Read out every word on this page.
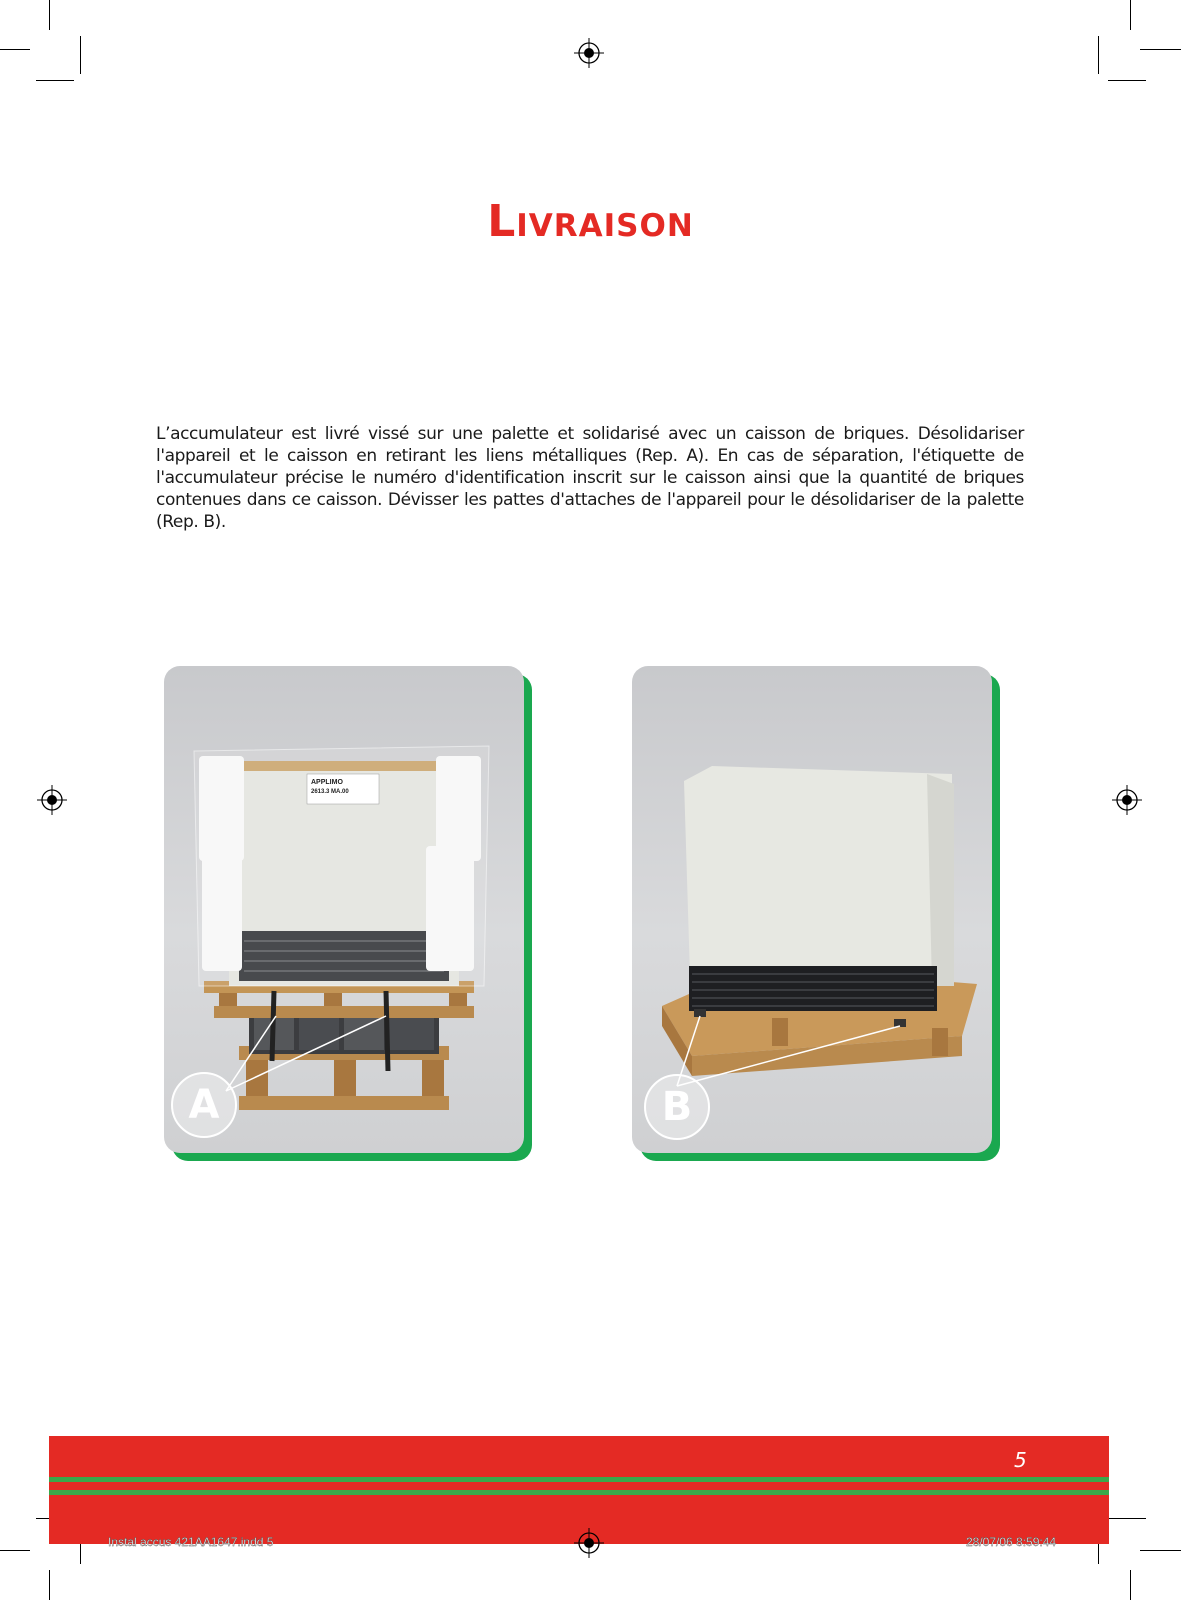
Livraison
L’accumulateur est livré vissé sur une palette et solidarisé avec un caisson de briques. Désolidariser l'appareil et le caisson en retirant les liens métalliques (Rep. A). En cas de séparation, l'étiquette de l'accumulateur précise le numéro d'identification inscrit sur le caisson ainsi que la quantité de briques contenues dans ce caisson. Dévisser les pattes d'attaches de l'appareil pour le désolidariser de la palette (Rep. B).
APPLIMO
2613.3 MA.00
A	B
5
Instal accus 421AA1647.indd 5	28/07/06 8:59:44
